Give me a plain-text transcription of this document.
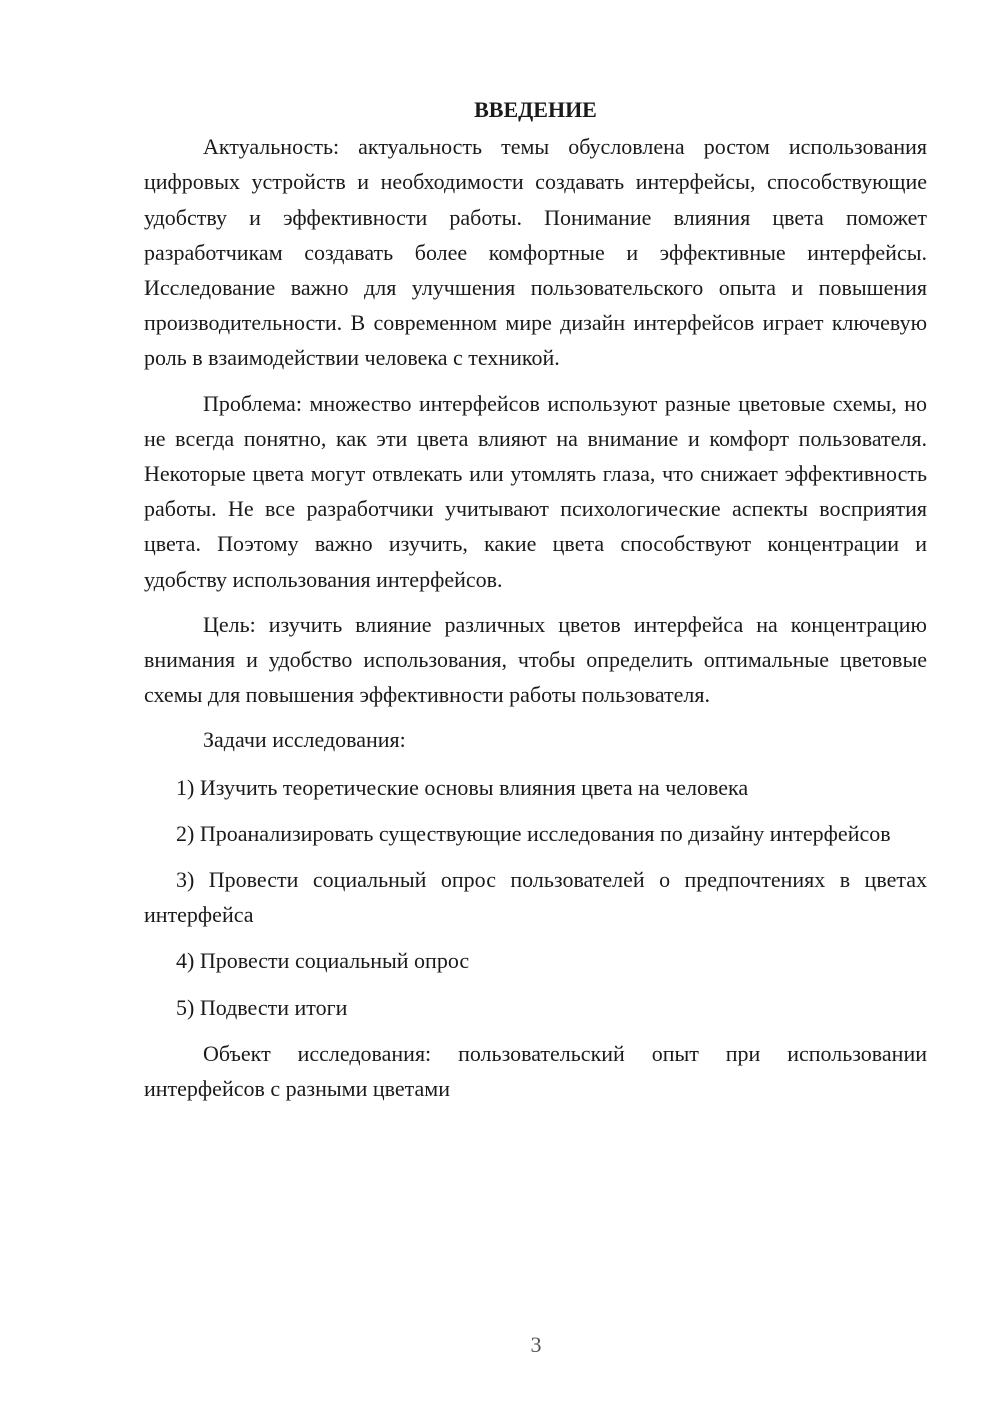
ВВЕДЕНИЕ

Актуальность: актуальность темы обусловлена ростом использования цифровых устройств и необходимости создавать интерфейсы, способствующие удобству и эффективности работы. Понимание влияния цвета поможет разработчикам создавать более комфортные и эффективные интерфейсы. Исследование важно для улучшения пользовательского опыта и повышения производительности. В современном мире дизайн интерфейсов играет ключевую роль в взаимодействии человека с техникой.

Проблема: множество интерфейсов используют разные цветовые схемы, но не всегда понятно, как эти цвета влияют на внимание и комфорт пользователя. Некоторые цвета могут отвлекать или утомлять глаза, что снижает эффективность работы. Не все разработчики учитывают психологические аспекты восприятия цвета. Поэтому важно изучить, какие цвета способствуют концентрации и удобству использования интерфейсов.

Цель: изучить влияние различных цветов интерфейса на концентрацию внимания и удобство использования, чтобы определить оптимальные цветовые схемы для повышения эффективности работы пользователя.

Задачи исследования:

1) Изучить теоретические основы влияния цвета на человека

2) Проанализировать существующие исследования по дизайну интерфейсов

3) Провести социальный опрос пользователей о предпочтениях в цветах интерфейса

4) Провести социальный опрос

5) Подвести итоги

Объект исследования: пользовательский опыт при использовании интерфейсов с разными цветами

3
